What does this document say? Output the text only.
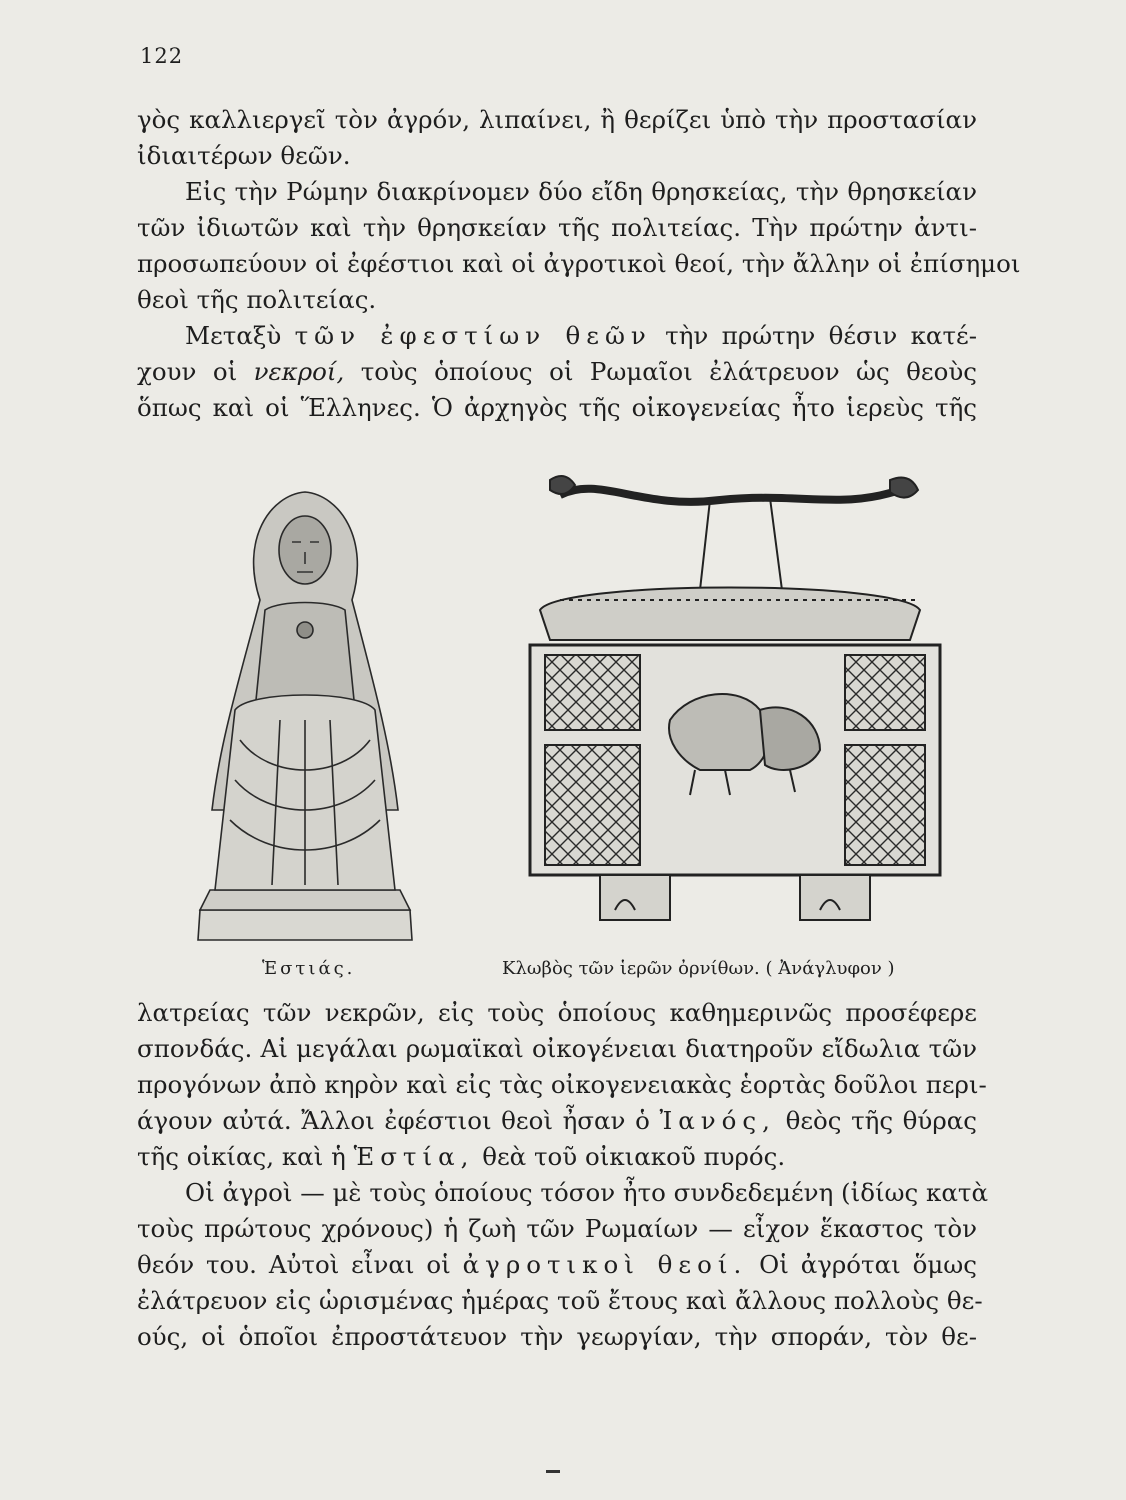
122
γὸς καλλιεργεῖ τὸν ἀγρόν, λιπαίνει, ἢ θερίζει ὑπὸ τὴν προστασίαν
ἰδιαιτέρων θεῶν.
Εἰς τὴν Ρώμην διακρίνομεν δύο εἴδη θρησκείας, τὴν θρησκείαν
τῶν ἰδιωτῶν καὶ τὴν θρησκείαν τῆς πολιτείας. Τὴν πρώτην ἀντι-
προσωπεύουν οἱ ἐφέστιοι καὶ οἱ ἀγροτικοὶ θεοί, τὴν ἄλλην οἱ ἐπίσημοι
θεοὶ τῆς πολιτείας.
Μεταξὺ τῶν ἐφεστίων θεῶν τὴν πρώτην θέσιν κατέ-
χουν οἱ νεκροί, τοὺς ὁποίους οἱ Ρωμαῖοι ἐλάτρευον ὡς θεοὺς
ὅπως καὶ οἱ Ἕλληνες. Ὁ ἀρχηγὸς τῆς οἰκογενείας ἦτο ἱερεὺς τῆς
Ἑστιάς.	Κλωβὸς τῶν ἱερῶν ὀρνίθων. ( Ἀνάγλυφον )
λατρείας τῶν νεκρῶν, εἰς τοὺς ὁποίους καθημερινῶς προσέφερε
σπονδάς. Αἱ μεγάλαι ρωμαϊκαὶ οἰκογένειαι διατηροῦν εἴδωλια τῶν
προγόνων ἀπὸ κηρὸν καὶ εἰς τὰς οἰκογενειακὰς ἑορτὰς δοῦλοι περι-
άγουν αὐτά. Ἄλλοι ἐφέστιοι θεοὶ ἦσαν ὁ Ἰανός, θεὸς τῆς θύρας
τῆς οἰκίας, καὶ ἡ Ἑστία, θεὰ τοῦ οἰκιακοῦ πυρός.
Οἱ ἀγροὶ — μὲ τοὺς ὁποίους τόσον ἦτο συνδεδεμένη (ἰδίως κατὰ
τοὺς πρώτους χρόνους) ἡ ζωὴ τῶν Ρωμαίων — εἶχον ἕκαστος τὸν
θεόν του. Αὐτοὶ εἶναι οἱ ἀγροτικοὶ θεοί. Οἱ ἀγρόται ὅμως
ἐλάτρευον εἰς ὡρισμένας ἡμέρας τοῦ ἔτους καὶ ἄλλους πολλοὺς θε-
ούς, οἱ ὁποῖοι ἐπροστάτευον τὴν γεωργίαν, τὴν σποράν, τὸν θε-
